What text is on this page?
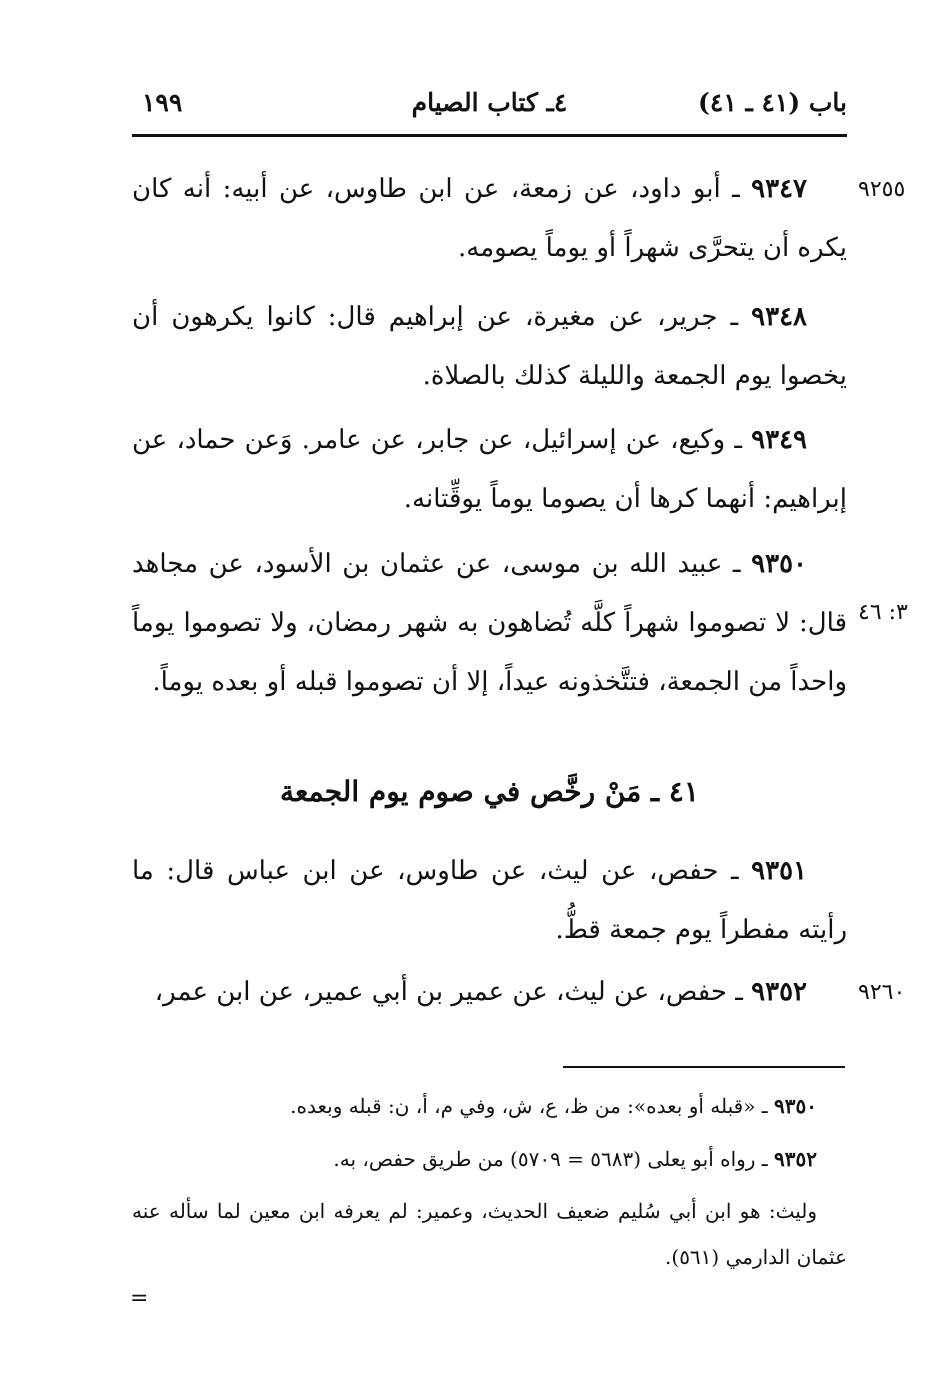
باب (٤١ ـ ٤١)
٤ـ كتاب الصيام
١٩٩
٩٢٥٥
٣: ٤٦
٩٢٦٠

٩٣٤٧ ـ أبو داود، عن زمعة، عن ابن طاوس، عن أبيه: أنه كان يكره أن يتحرَّى شهراً أو يوماً يصومه.

٩٣٤٨ ـ جرير، عن مغيرة، عن إبراهيم قال: كانوا يكرهون أن يخصوا يوم الجمعة والليلة كذلك بالصلاة.

٩٣٤٩ ـ وكيع، عن إسرائيل، عن جابر، عن عامر. وَعن حماد، عن إبراهيم: أنهما كرها أن يصوما يوماً يوقِّتانه.

٩٣٥٠ ـ عبيد الله بن موسى، عن عثمان بن الأسود، عن مجاهد قال: لا تصوموا شهراً كلَّه تُضاهون به شهر رمضان، ولا تصوموا يوماً واحداً من الجمعة، فتتَّخذونه عيداً، إلا أن تصوموا قبله أو بعده يوماً.

٤١ ـ مَنْ رخَّص في صوم يوم الجمعة

٩٣٥١ ـ حفص، عن ليث، عن طاوس، عن ابن عباس قال: ما رأيته مفطراً يوم جمعة قطُّ.

٩٣٥٢ ـ حفص، عن ليث، عن عمير بن أبي عمير، عن ابن عمر،

٩٣٥٠ ـ «قبله أو بعده»: من ظ، ع، ش، وفي م، أ، ن: قبله وبعده.
٩٣٥٢ ـ رواه أبو يعلى (٥٦٨٣ = ٥٧٠٩) من طريق حفص، به.
وليث: هو ابن أبي سُليم ضعيف الحديث، وعمير: لم يعرفه ابن معين لما سأله عنه عثمان الدارمي (٥٦١).
=
